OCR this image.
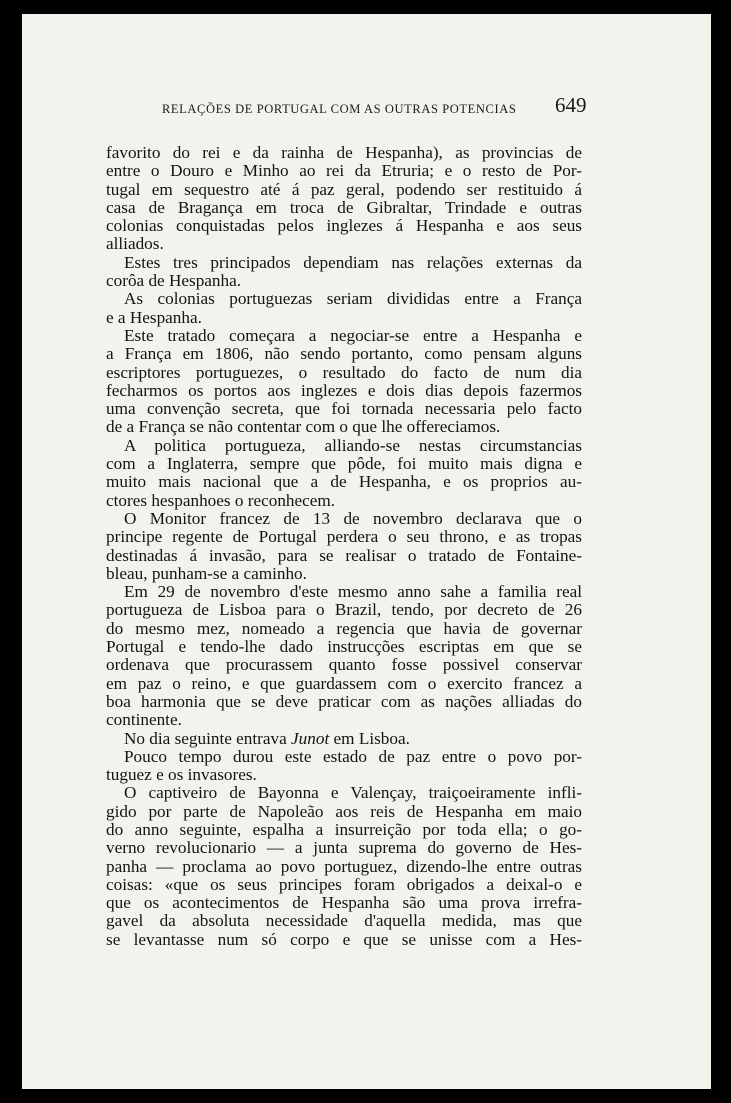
RELAÇÕES DE PORTUGAL COM AS OUTRAS POTENCIAS	649
favorito do rei e da rainha de Hespanha), as provincias de
entre o Douro e Minho ao rei da Etruria; e o resto de Por-
tugal em sequestro até á paz geral, podendo ser restituido á
casa de Bragança em troca de Gibraltar, Trindade e outras
colonias conquistadas pelos inglezes á Hespanha e aos seus
alliados.
Estes tres principados dependiam nas relações externas da
corôa de Hespanha.
As colonias portuguezas seriam divididas entre a França
e a Hespanha.
Este tratado começara a negociar-se entre a Hespanha e
a França em 1806, não sendo portanto, como pensam alguns
escriptores portuguezes, o resultado do facto de num dia
fecharmos os portos aos inglezes e dois dias depois fazermos
uma convenção secreta, que foi tornada necessaria pelo facto
de a França se não contentar com o que lhe offereciamos.
A politica portugueza, alliando-se nestas circumstancias
com a Inglaterra, sempre que pôde, foi muito mais digna e
muito mais nacional que a de Hespanha, e os proprios au-
ctores hespanhoes o reconhecem.
O Monitor francez de 13 de novembro declarava que o
principe regente de Portugal perdera o seu throno, e as tropas
destinadas á invasão, para se realisar o tratado de Fontaine-
bleau, punham-se a caminho.
Em 29 de novembro d'este mesmo anno sahe a familia real
portugueza de Lisboa para o Brazil, tendo, por decreto de 26
do mesmo mez, nomeado a regencia que havia de governar
Portugal e tendo-lhe dado instrucções escriptas em que se
ordenava que procurassem quanto fosse possivel conservar
em paz o reino, e que guardassem com o exercito francez a
boa harmonia que se deve praticar com as nações alliadas do
continente.
No dia seguinte entrava Junot em Lisboa.
Pouco tempo durou este estado de paz entre o povo por-
tuguez e os invasores.
O captiveiro de Bayonna e Valençay, traiçoeiramente infli-
gido por parte de Napoleão aos reis de Hespanha em maio
do anno seguinte, espalha a insurreição por toda ella; o go-
verno revolucionario — a junta suprema do governo de Hes-
panha — proclama ao povo portuguez, dizendo-lhe entre outras
coisas: «que os seus principes foram obrigados a deixal-o e
que os acontecimentos de Hespanha são uma prova irrefra-
gavel da absoluta necessidade d'aquella medida, mas que
se levantasse num só corpo e que se unisse com a Hes-
